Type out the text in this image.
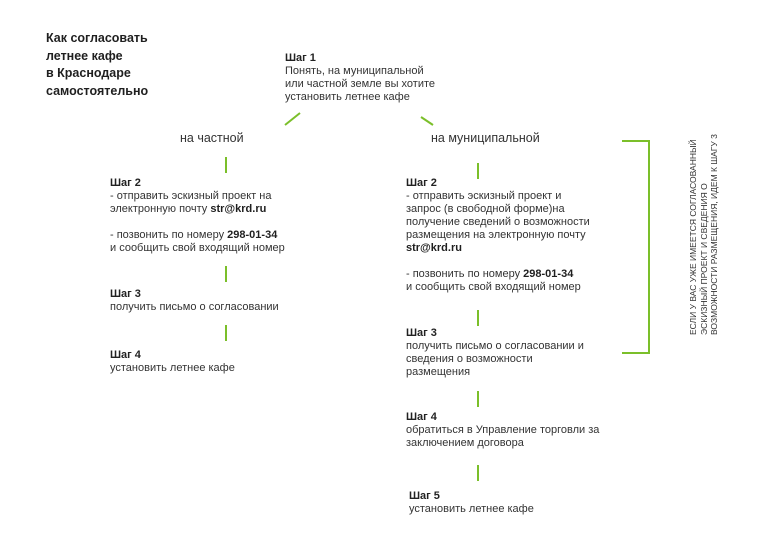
Как согласовать
летнее кафе
в Краснодаре
самостоятельно
Шаг 1
Понять, на муниципальной
или частной земле вы хотите
установить летнее кафе
на частной	на муниципальной
Шаг 2
- отправить эскизный проект на
электронную почту str@krd.ru

- позвонить по номеру 298-01-34
и сообщить свой входящий номер
Шаг 3
получить письмо о согласовании
Шаг 4
установить летнее кафе
Шаг 2
- отправить эскизный проект и
запрос (в свободной форме)на
получение сведений о возможности
размещения на электронную почту
str@krd.ru

- позвонить по номеру 298-01-34
и сообщить свой входящий номер
Шаг 3
получить письмо о согласовании и
сведения о возможности
размещения
Шаг 4
обратиться в Управление торговли за
заключением договора
Шаг 5
установить летнее кафе
ЕСЛИ У ВАС УЖЕ ИМЕЕТСЯ СОГЛАСОВАННЫЙ ЭСКИЗНЫЙ ПРОЕКТ И СВЕДЕНИЯ О ВОЗМОЖНОСТИ РАЗМЕЩЕНИЯ, ИДЕМ К ШАГУ 3
